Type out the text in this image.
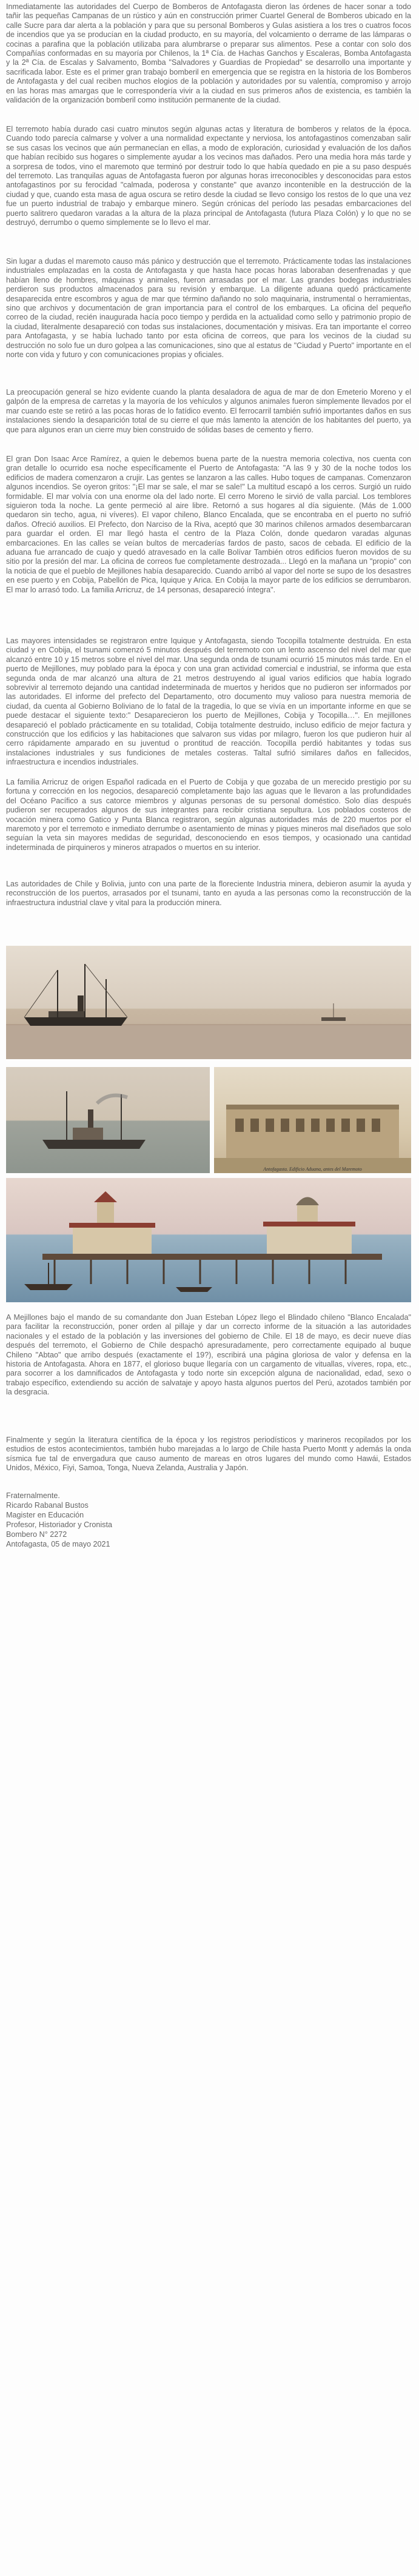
Inmediatamente las autoridades del Cuerpo de Bomberos de Antofagasta dieron las órdenes de hacer sonar a todo tañir las pequeñas Campanas de un rústico y aún en construcción primer Cuartel General de Bomberos ubicado en la calle Sucre para dar alerta a la población y para que su personal Bomberos y Gulas asistiera a los tres o cuatros focos de incendios que ya se producían en la ciudad producto, en su mayoría, del volcamiento o derrame de las lámparas o cocinas a parafina que la población utilizaba para alumbrarse o preparar sus alimentos. Pese a contar con solo dos Compañías conformadas en su mayoría por Chilenos, la 1ª Cía. de Hachas Ganchos y Escaleras, Bomba Antofagasta y la 2ª Cía. de Escalas y Salvamento, Bomba "Salvadores y Guardias de Propiedad" se desarrollo una importante y sacrificada labor. Este es el primer gran trabajo bomberil en emergencia que se registra en la historia de los Bomberos de Antofagasta y del cual reciben muchos elogios de la población y autoridades por su valentía, compromiso y arrojo en las horas mas amargas que le correspondería vivir a la ciudad en sus primeros años de existencia, es también la validación de la organización bomberil como institución permanente de la ciudad.

El terremoto había durado casi cuatro minutos según algunas actas y literatura de bomberos y relatos de la época. Cuando todo parecía calmarse y volver a una normalidad expectante y nerviosa, los antofagastinos comenzaban salir se sus casas los vecinos que aún permanecían en ellas, a modo de exploración, curiosidad y evaluación de los daños que habían recibido sus hogares o simplemente ayudar a los vecinos mas dañados. Pero una media hora más tarde y a sorpresa de todos, vino el maremoto que terminó por destruir todo lo que había quedado en pie a su paso después del terremoto. Las tranquilas aguas de Antofagasta fueron por algunas horas irreconocibles y desconocidas para estos antofagastinos por su ferocidad "calmada, poderosa y constante" que avanzo incontenible en la destrucción de la ciudad y que, cuando esta masa de agua oscura se retiro desde la ciudad se llevo consigo los restos de lo que una vez fue un puerto industrial de trabajo y embarque minero. Según crónicas del período las pesadas embarcaciones del puerto salitrero quedaron varadas a la altura de la plaza principal de Antofagasta (futura Plaza Colón) y lo que no se destruyó, derrumbo o quemo simplemente se lo llevo el mar.

Sin lugar a dudas el maremoto causo más pánico y destrucción que el terremoto. Prácticamente todas las instalaciones industriales emplazadas en la costa de Antofagasta y que hasta hace pocas horas laboraban desenfrenadas y que habían lleno de hombres, máquinas y animales, fueron arrasadas por el mar. Las grandes bodegas industriales perdieron sus productos almacenados para su revisión y embarque. La diligente aduana quedó prácticamente desaparecida entre escombros y agua de mar que término dañando no solo maquinaria, instrumental o herramientas, sino que archivos y documentación de gran importancia para el control de los embarques. La oficina del pequeño correo de la ciudad, recién inaugurada hacía poco tiempo y perdida en la actualidad como sello y patrimonio propio de la ciudad, literalmente desapareció con todas sus instalaciones, documentación y misivas. Era tan importante el correo para Antofagasta, y se había luchado tanto por esta oficina de correos, que para los vecinos de la ciudad su destrucción no solo fue un duro golpea a las comunicaciones, sino que al estatus de "Ciudad y Puerto" importante en el norte con vida y futuro y con comunicaciones propias y oficiales.

La preocupación general se hizo evidente cuando la planta desaladora de agua de mar de don Emeterio Moreno y el galpón de la empresa de carretas y la mayoría de los vehículos y algunos animales fueron simplemente llevados por el mar cuando este se retiró a las pocas horas de lo fatídico evento. El ferrocarril también sufrió importantes daños en sus instalaciones siendo la desaparición total de su cierre el que más lamento la atención de los habitantes del puerto, ya que para algunos eran un cierre muy bien construido de sólidas bases de cemento y fierro.

El gran Don Isaac Arce Ramírez, a quien le debemos buena parte de la nuestra memoria colectiva, nos cuenta con gran detalle lo ocurrido esa noche específicamente el Puerto de Antofagasta: "A las 9 y 30 de la noche todos los edificios de madera comenzaron a crujir. Las gentes se lanzaron a las calles. Hubo toques de campanas. Comenzaron algunos incendios. Se oyeron gritos: "¡El mar se sale, el mar se sale!" La multitud escapó a los cerros. Surgió un ruido formidable. El mar volvía con una enorme ola del lado norte. El cerro Moreno le sirvió de valla parcial. Los temblores siguieron toda la noche. La gente permeció al aire libre. Retornó a sus hogares al día siguiente. (Más de 1.000 quedaron sin techo, agua, ni víveres). El vapor chileno, Blanco Encalada, que se encontraba en el puerto no sufrió daños. Ofreció auxilios. El Prefecto, don Narciso de la Riva, aceptó que 30 marinos chilenos armados desembarcaran para guardar el orden. El mar llegó hasta el centro de la Plaza Colón, donde quedaron varadas algunas embarcaciones. En las calles se veían bultos de mercaderías fardos de pasto, sacos de cebada. El edificio de la aduana fue arrancado de cuajo y quedó atravesado en la calle Bolívar También otros edificios fueron movidos de su sitio por la presión del mar. La oficina de correos fue completamente destrozada... Llegó en la mañana un "propio" con la noticia de que el pueblo de Mejillones había desaparecido. Cuando arribó al vapor del norte se supo de los desastres en ese puerto y en Cobija, Pabellón de Pica, Iquique y Arica. En Cobija la mayor parte de los edificios se derrumbaron. El mar lo arrasó todo. La familia Arricruz, de 14 personas, desapareció íntegra".

Las mayores intensidades se registraron entre Iquique y Antofagasta, siendo Tocopilla totalmente destruida. En esta ciudad y en Cobija, el tsunami comenzó 5 minutos después del terremoto con un lento ascenso del nivel del mar que alcanzó entre 10 y 15 metros sobre el nivel del mar. Una segunda onda de tsunami ocurrió 15 minutos más tarde. En el puerto de Mejillones, muy poblado para la época y con una gran actividad comercial e industrial, se informa que esta segunda onda de mar alcanzó una altura de 21 metros destruyendo al igual varios edificios que había logrado sobrevivir al terremoto dejando una cantidad indeterminada de muertos y heridos que no pudieron ser informados por las autoridades. El informe del prefecto del Departamento, otro documento muy valioso para nuestra memoria de ciudad, da cuenta al Gobierno Boliviano de lo fatal de la tragedia, lo que se vivía en un importante informe en que se puede destacar el siguiente texto:" Desaparecieron los puerto de Mejillones, Cobija y Tocopilla…". En mejillones desapareció el poblado prácticamente en su totalidad, Cobija totalmente destruido, incluso edificio de mejor factura y construcción que los edificios y las habitaciones que salvaron sus vidas por milagro, fueron los que pudieron huir al cerro rápidamente amparado en su juventud o prontitud de reacción. Tocopilla perdió habitantes y todas sus instalaciones industriales y sus fundiciones de metales costeras. Taltal sufrió similares daños en fallecidos, infraestructura e incendios industriales.

La familia Arricruz de origen Español radicada en el Puerto de Cobija y que gozaba de un merecido prestigio por su fortuna y corrección en los negocios, desapareció completamente bajo las aguas que le llevaron a las profundidades del Océano Pacífico a sus catorce miembros y algunas personas de su personal doméstico. Solo días después pudieron ser recuperados algunos de sus integrantes para recibir cristiana sepultura. Los poblados costeros de vocación minera como Gatico y Punta Blanca registraron, según algunas autoridades más de 220 muertos por el maremoto y por el terremoto e inmediato derrumbe o asentamiento de minas y piques mineros mal diseñados que solo seguían la veta sin mayores medidas de seguridad, desconociendo en esos tiempos, y ocasionado una cantidad indeterminada de pirquineros y mineros atrapados o muertos en su interior.

Las autoridades de Chile y Bolivia, junto con una parte de la floreciente Industria minera, debieron asumir la ayuda y reconstrucción de los puertos, arrasados por el tsunami, tanto en ayuda a las personas como la reconstrucción de la infraestructura industrial clave y vital para la producción minera.

Antofagasta. Edificio Aduana, antes del Maremoto

A Mejillones bajo el mando de su comandante don Juan Esteban López llego el Blindado chileno "Blanco Encalada" para facilitar la reconstrucción, poner orden al pillaje y dar un correcto informe de la situación a las autoridades nacionales y el estado de la población y las inversiones del gobierno de Chile. El 18 de mayo, es decir nueve días después del terremoto, el Gobierno de Chile despachó apresuradamente, pero correctamente equipado al buque Chileno "Abtao" que arribo después (exactamente el 19?), escribirá una página gloriosa de valor y defensa en la historia de Antofagasta. Ahora en 1877, el glorioso buque llegaría con un cargamento de vituallas, víveres, ropa, etc., para socorrer a los damnificados de Antofagasta y todo norte sin excepción alguna de nacionalidad, edad, sexo o trabajo específico, extendiendo su acción de salvataje y apoyo hasta algunos puertos del Perú, azotados también por la desgracia.

Finalmente y según la literatura científica de la época y los registros periodísticos y marineros recopilados por los estudios de estos acontecimientos, también hubo marejadas a lo largo de Chile hasta Puerto Montt y además la onda sísmica fue tal de envergadura que causo aumento de mareas en otros lugares del mundo como Hawái, Estados Unidos, México, Fiyi, Samoa, Tonga, Nueva Zelanda, Australia y Japón.

Fraternalmente.

Ricardo Rabanal Bustos

Magister en Educación

Profesor, Historiador y Cronista

Bombero N° 2272

Antofagasta, 05 de mayo 2021
